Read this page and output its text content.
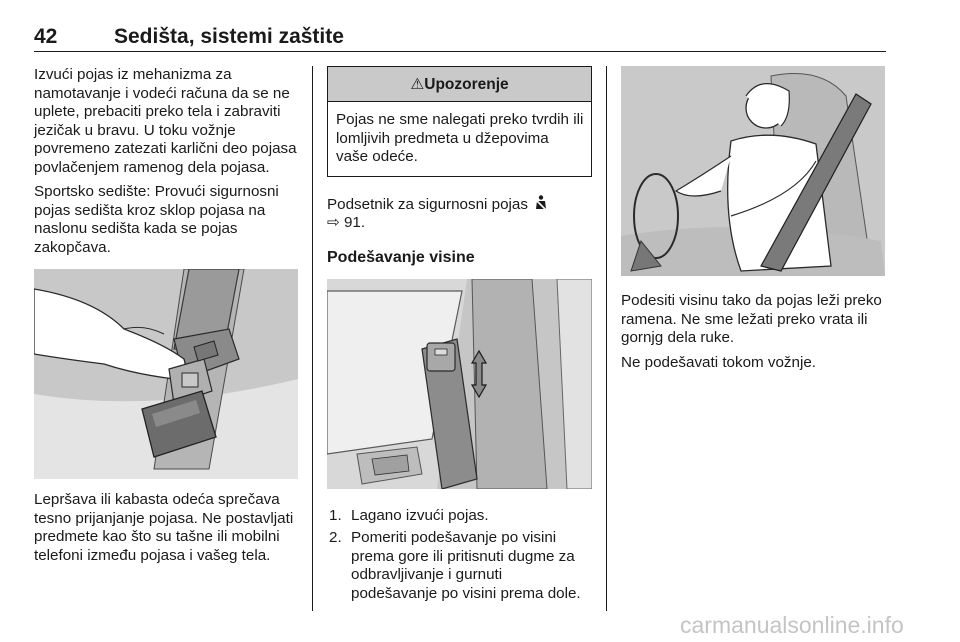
42	Sedišta, sistemi zaštite

Izvući pojas iz mehanizma za namotavanje i vodeći računa da se ne uplete, prebaciti preko tela i zabraviti jezičak u bravu. U toku vožnje povremeno zatezati karlični deo pojasa povlačenjem ramenog dela pojasa.

Sportsko sedište: Provući sigurnosni pojas sedišta kroz sklop pojasa na naslonu sedišta kada se pojas zakopčava.

Lepršava ili kabasta odeća sprečava tesno prijanjanje pojasa. Ne postavljati predmete kao što su tašne ili mobilni telefoni između pojasa i vašeg tela.

⚠Upozorenje
Pojas ne sme nalegati preko tvrdih ili lomljivih predmeta u džepovima vaše odeće.

Podsetnik za sigurnosni pojas
⇨ 91.

Podešavanje visine

1. Lagano izvući pojas.
2. Pomeriti podešavanje po visini prema gore ili pritisnuti dugme za odbravljivanje i gurnuti podešavanje po visini prema dole.

Podesiti visinu tako da pojas leži preko ramena. Ne sme ležati preko vrata ili gornjg dela ruke.

Ne podešavati tokom vožnje.

carmanualsonline.info
